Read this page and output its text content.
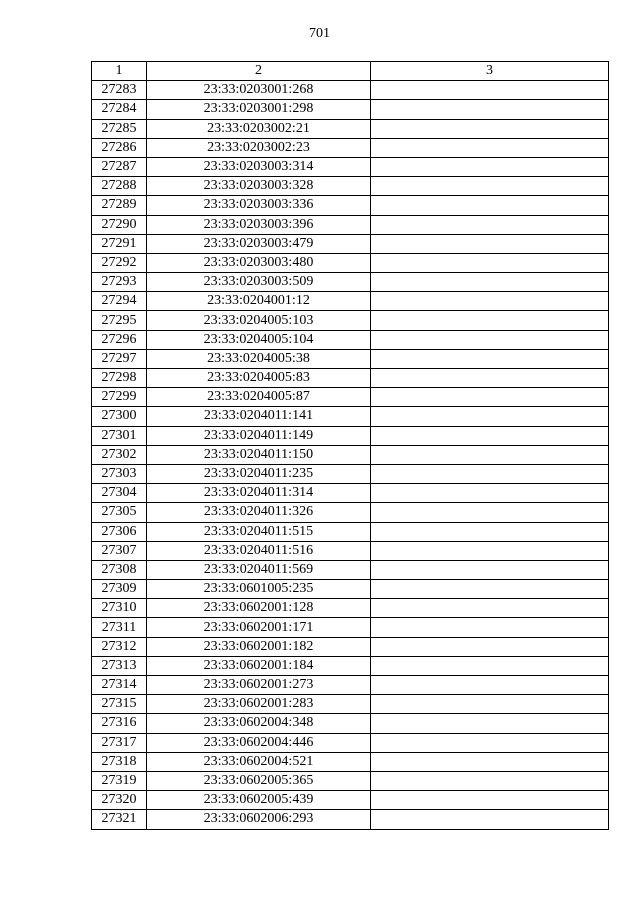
701
1	2	3
27283	23:33:0203001:268	
27284	23:33:0203001:298	
27285	23:33:0203002:21	
27286	23:33:0203002:23	
27287	23:33:0203003:314	
27288	23:33:0203003:328	
27289	23:33:0203003:336	
27290	23:33:0203003:396	
27291	23:33:0203003:479	
27292	23:33:0203003:480	
27293	23:33:0203003:509	
27294	23:33:0204001:12	
27295	23:33:0204005:103	
27296	23:33:0204005:104	
27297	23:33:0204005:38	
27298	23:33:0204005:83	
27299	23:33:0204005:87	
27300	23:33:0204011:141	
27301	23:33:0204011:149	
27302	23:33:0204011:150	
27303	23:33:0204011:235	
27304	23:33:0204011:314	
27305	23:33:0204011:326	
27306	23:33:0204011:515	
27307	23:33:0204011:516	
27308	23:33:0204011:569	
27309	23:33:0601005:235	
27310	23:33:0602001:128	
27311	23:33:0602001:171	
27312	23:33:0602001:182	
27313	23:33:0602001:184	
27314	23:33:0602001:273	
27315	23:33:0602001:283	
27316	23:33:0602004:348	
27317	23:33:0602004:446	
27318	23:33:0602004:521	
27319	23:33:0602005:365	
27320	23:33:0602005:439	
27321	23:33:0602006:293	
